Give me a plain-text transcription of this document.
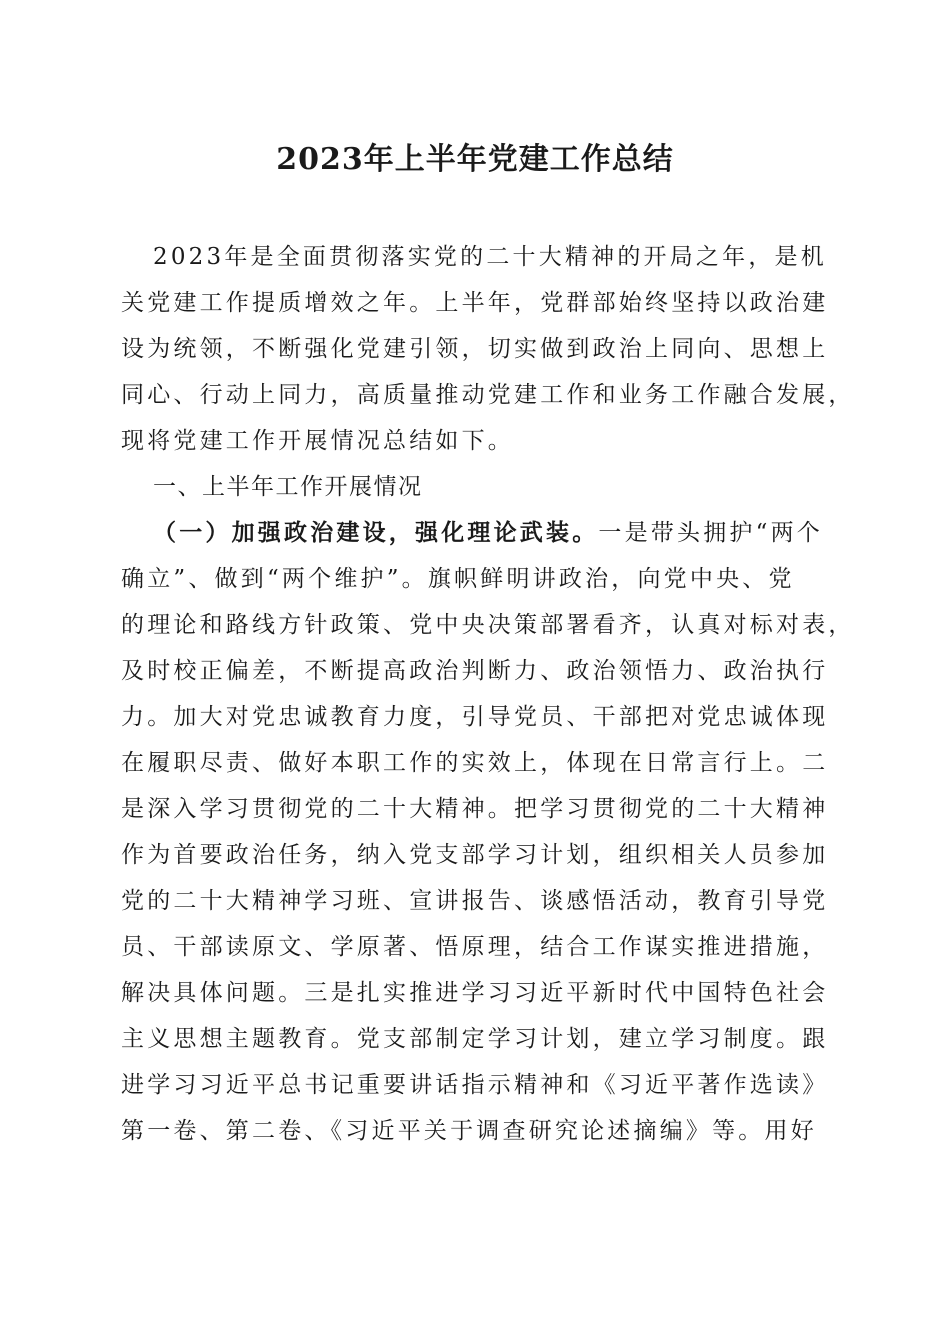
2023年上半年党建工作总结
2023年是全面贯彻落实党的二十大精神的开局之年，是机
关党建工作提质增效之年。上半年，党群部始终坚持以政治建
设为统领，不断强化党建引领，切实做到政治上同向、思想上
同心、行动上同力，高质量推动党建工作和业务工作融合发展，
现将党建工作开展情况总结如下。
一、上半年工作开展情况
（一）加强政治建设，强化理论武装。一是带头拥护“两个
确立”、做到“两个维护”。旗帜鲜明讲政治，向党中央、党
的理论和路线方针政策、党中央决策部署看齐，认真对标对表，
及时校正偏差，不断提高政治判断力、政治领悟力、政治执行
力。加大对党忠诚教育力度，引导党员、干部把对党忠诚体现
在履职尽责、做好本职工作的实效上，体现在日常言行上。二
是深入学习贯彻党的二十大精神。把学习贯彻党的二十大精神
作为首要政治任务，纳入党支部学习计划，组织相关人员参加
党的二十大精神学习班、宣讲报告、谈感悟活动，教育引导党
员、干部读原文、学原著、悟原理，结合工作谋实推进措施，
解决具体问题。三是扎实推进学习习近平新时代中国特色社会
主义思想主题教育。党支部制定学习计划，建立学习制度。跟
进学习习近平总书记重要讲话指示精神和《习近平著作选读》
第一卷、第二卷、《习近平关于调查研究论述摘编》等。用好
